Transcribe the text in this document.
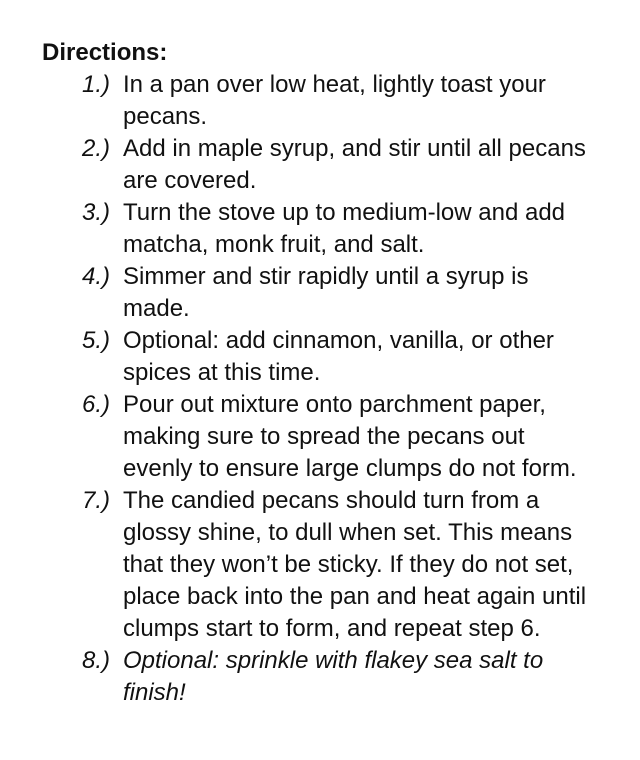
Directions:
1.) In a pan over low heat, lightly toast your pecans.
2.) Add in maple syrup, and stir until all pecans are covered.
3.) Turn the stove up to medium-low and add matcha, monk fruit, and salt.
4.) Simmer and stir rapidly until a syrup is made.
5.) Optional: add cinnamon, vanilla, or other spices at this time.
6.) Pour out mixture onto parchment paper, making sure to spread the pecans out evenly to ensure large clumps do not form.
7.) The candied pecans should turn from a glossy shine, to dull when set. This means that they won’t be sticky. If they do not set, place back into the pan and heat again until clumps start to form, and repeat step 6.
8.) Optional: sprinkle with flakey sea salt to finish!
